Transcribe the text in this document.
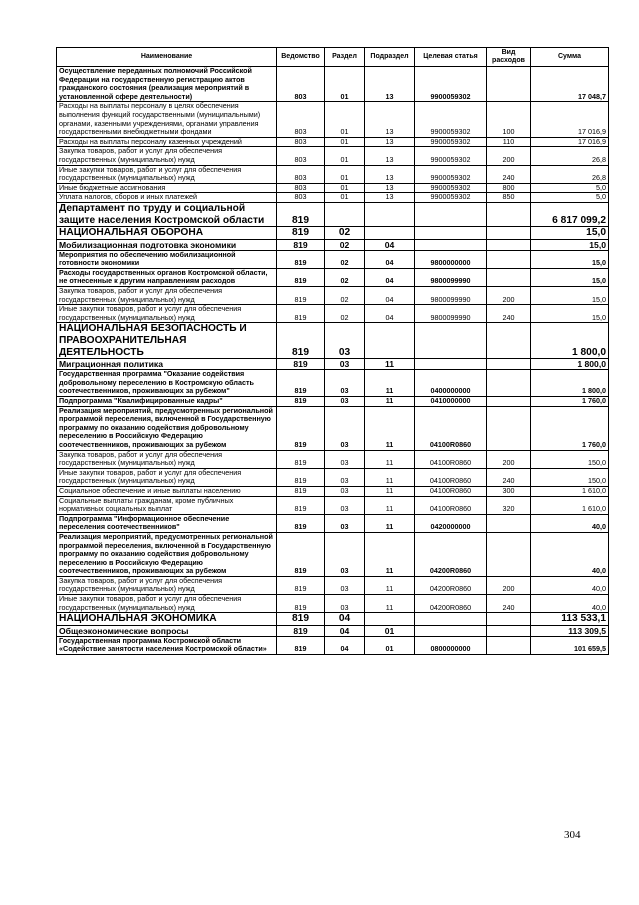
Наименование	Ведомство	Раздел	Подраздел	Целевая статья	Вид расходов	Сумма
Осуществление переданных полномочий Российской Федерации на государственную регистрацию актов гражданского состояния (реализация мероприятий в установленной сфере деятельности)	803	01	13	9900059302		17 048,7
Расходы на выплаты персоналу в целях обеспечения выполнения функций государственными (муниципальными) органами, казенными учреждениями, органами управления государственными внебюджетными фондами	803	01	13	9900059302	100	17 016,9
Расходы на выплаты персоналу казенных учреждений	803	01	13	9900059302	110	17 016,9
Закупка товаров, работ и услуг для обеспечения государственных (муниципальных) нужд	803	01	13	9900059302	200	26,8
Иные закупки товаров, работ и услуг для обеспечения государственных (муниципальных) нужд	803	01	13	9900059302	240	26,8
Иные бюджетные ассигнования	803	01	13	9900059302	800	5,0
Уплата налогов, сборов и иных платежей	803	01	13	9900059302	850	5,0
Департамент по труду и социальной защите населения Костромской области	819					6 817 099,2
НАЦИОНАЛЬНАЯ ОБОРОНА	819	02				15,0
Мобилизационная подготовка экономики	819	02	04			15,0
Мероприятия по обеспечению мобилизационной готовности экономики	819	02	04	9800000000		15,0
Расходы государственных органов Костромской области, не отнесенные к другим направлениям расходов	819	02	04	9800099990		15,0
Закупка товаров, работ и услуг для обеспечения государственных (муниципальных) нужд	819	02	04	9800099990	200	15,0
Иные закупки товаров, работ и услуг для обеспечения государственных (муниципальных) нужд	819	02	04	9800099990	240	15,0
НАЦИОНАЛЬНАЯ БЕЗОПАСНОСТЬ И ПРАВООХРАНИТЕЛЬНАЯ ДЕЯТЕЛЬНОСТЬ	819	03				1 800,0
Миграционная политика	819	03	11			1 800,0
Государственная программа "Оказание содействия добровольному переселению в Костромскую область соотечественников, проживающих за рубежом"	819	03	11	0400000000		1 800,0
Подпрограмма "Квалифицированные кадры"	819	03	11	0410000000		1 760,0
Реализация мероприятий, предусмотренных региональной программой переселения, включенной в Государственную программу по оказанию содействия добровольному переселению в Российскую Федерацию соотечественников, проживающих за рубежом	819	03	11	04100R0860		1 760,0
Закупка товаров, работ и услуг для обеспечения государственных (муниципальных) нужд	819	03	11	04100R0860	200	150,0
Иные закупки товаров, работ и услуг для обеспечения государственных (муниципальных) нужд	819	03	11	04100R0860	240	150,0
Социальное обеспечение и иные выплаты населению	819	03	11	04100R0860	300	1 610,0
Социальные выплаты гражданам, кроме публичных нормативных социальных выплат	819	03	11	04100R0860	320	1 610,0
Подпрограмма "Информационное обеспечение переселения соотечественников"	819	03	11	0420000000		40,0
Реализация мероприятий, предусмотренных региональной программой переселения, включенной в Государственную программу по оказанию содействия добровольному переселению в Российскую Федерацию соотечественников, проживающих за рубежом	819	03	11	04200R0860		40,0
Закупка товаров, работ и услуг для обеспечения государственных (муниципальных) нужд	819	03	11	04200R0860	200	40,0
Иные закупки товаров, работ и услуг для обеспечения государственных (муниципальных) нужд	819	03	11	04200R0860	240	40,0
НАЦИОНАЛЬНАЯ ЭКОНОМИКА	819	04				113 533,1
Общеэкономические вопросы	819	04	01			113 309,5
Государственная программа Костромской области «Содействие занятости населения Костромской области»	819	04	01	0800000000		101 659,5
304
